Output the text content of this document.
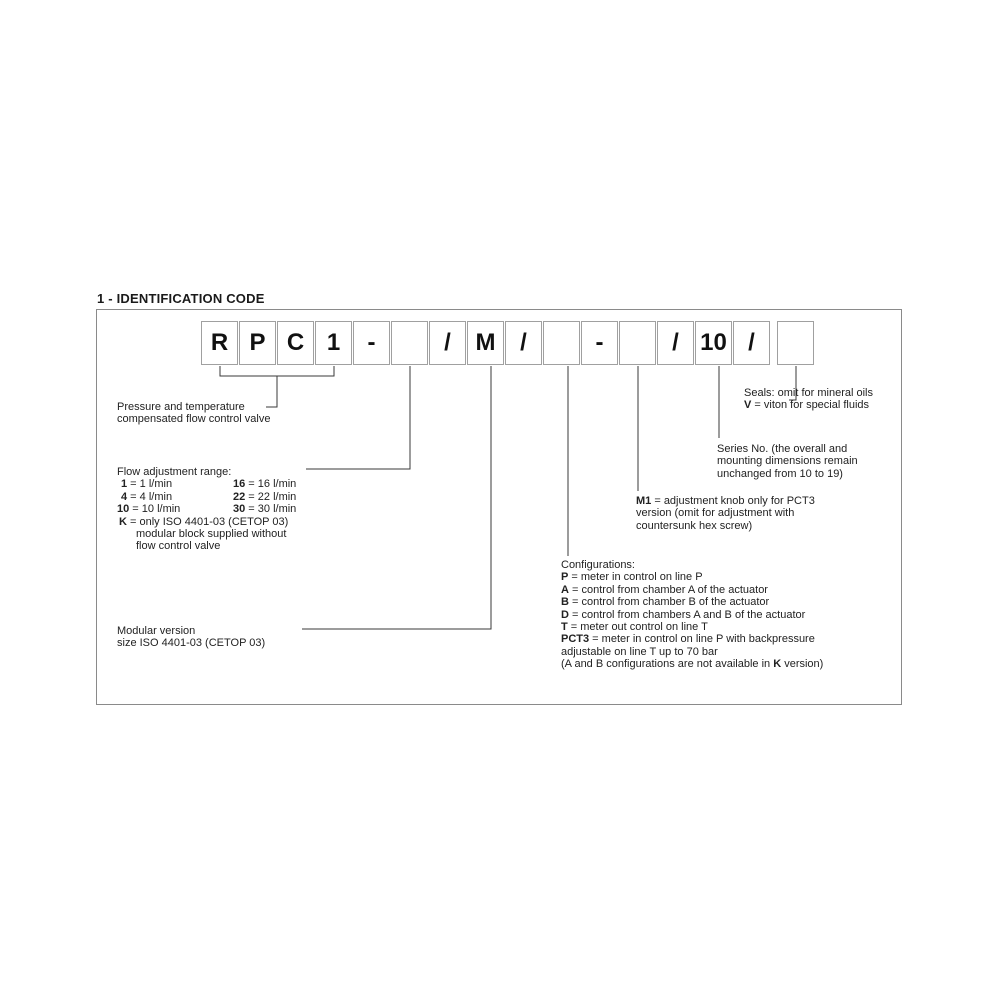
1 - IDENTIFICATION CODE
R P C 1	-	/	M	/	-	/ 10 /
Pressure and temperature
compensated flow control valve
Flow adjustment range:
1 = 1 l/min	16 = 16 l/min
4 = 4 l/min	22 = 22 l/min
10 = 10 l/min	30 = 30 l/min
K = only ISO 4401-03 (CETOP 03)
modular block supplied without
flow control valve
Modular version
size ISO 4401-03 (CETOP 03)
Configurations:
P = meter in control on line P
A = control from chamber A of the actuator
B = control from chamber B of the actuator
D = control from chambers A and B of the actuator
T = meter out control on line T
PCT3 = meter in control on line P with backpressure
adjustable on line T up to 70 bar
(A and B configurations are not available in K version)
M1 = adjustment knob only for PCT3
version (omit for adjustment with
countersunk hex screw)
Series No. (the overall and
mounting dimensions remain
unchanged from 10 to 19)
Seals: omit for mineral oils
V = viton for special fluids
